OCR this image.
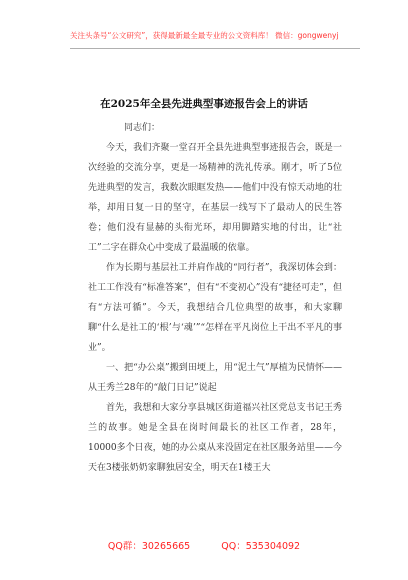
关注头条号“公文研究”，获得最新最全最专业的公文资料库！ 微信：gongwenyj
在2025年全县先进典型事迹报告会上的讲话

同志们：

今天，我们齐聚一堂召开全县先进典型事迹报告会，既是一次经验的交流分享，更是一场精神的洗礼传承。刚才，听了5位先进典型的发言，我数次眼眶发热——他们中没有惊天动地的壮举，却用日复一日的坚守，在基层一线写下了最动人的民生答卷；他们没有显赫的头衔光环，却用脚踏实地的付出，让“社工”二字在群众心中变成了最温暖的依靠。

作为长期与基层社工并肩作战的“同行者”，我深切体会到：社工工作没有“标准答案”，但有“不变初心”没有“捷径可走”，但有“方法可循”。今天，我想结合几位典型的故事，和大家聊聊“什么是社工的‘根’与‘魂’”“怎样在平凡岗位上干出不平凡的事业”。

一、把“办公桌”搬到田埂上，用“泥土气”厚植为民情怀——从王秀兰28年的“敲门日记”说起

首先，我想和大家分享县城区街道福兴社区党总支书记王秀兰的故事。她是全县在岗时间最长的社区工作者，28年，10000多个日夜，她的办公桌从来没固定在社区服务站里——今天在3楼张奶奶家聊独居安全，明天在1楼王大

QQ群：30265665	QQ：535304092
